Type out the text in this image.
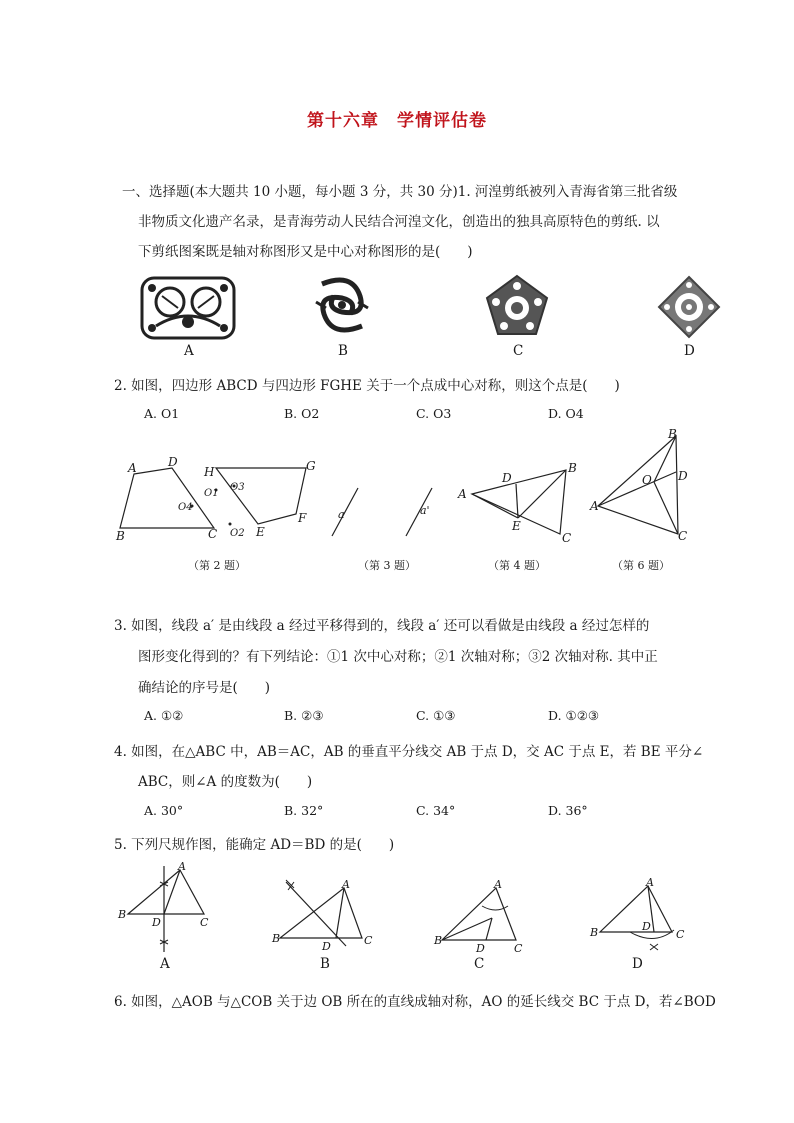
第十六章　学情评估卷
一、选择题(本大题共 10 小题，每小题 3 分，共 30 分)1. 河湟剪纸被列入青海省第三批省级
非物质文化遗产名录，是青海劳动人民结合河湟文化，创造出的独具高原特色的剪纸. 以
下剪纸图案既是轴对称图形又是中心对称图形的是(　　)
A	B	C	D
2. 如图，四边形 ABCD 与四边形 FGHE 关于一个点成中心对称，则这个点是(　　)
A. O1	B. O2	C. O3	D. O4
A	D
B	C
H	G
E
F
O1
O2
O3
O4
a	a'
A
B
C
D
E
A
B
C
D
O
（第 2 题）	（第 3 题）	（第 4 题）	（第 6 题）
3. 如图，线段 a′ 是由线段 a 经过平移得到的，线段 a′ 还可以看做是由线段 a 经过怎样的
图形变化得到的？有下列结论：①1 次中心对称；②1 次轴对称；③2 次轴对称. 其中正
确结论的序号是(　　)
A. ①②	B. ②③	C. ①③	D. ①②③
4. 如图，在△ABC 中，AB＝AC，AB 的垂直平分线交 AB 于点 D，交 AC 于点 E，若 BE 平分∠
ABC，则∠A 的度数为(　　)
A. 30°	B. 32°	C. 34°	D. 36°
5. 下列尺规作图，能确定 AD＝BD 的是(　　)
A
B
C
D
A
B	C
D
A
B
C
D
A
B	C
D
A	B	C	D
6. 如图，△AOB 与△COB 关于边 OB 所在的直线成轴对称，AO 的延长线交 BC 于点 D，若∠BOD
